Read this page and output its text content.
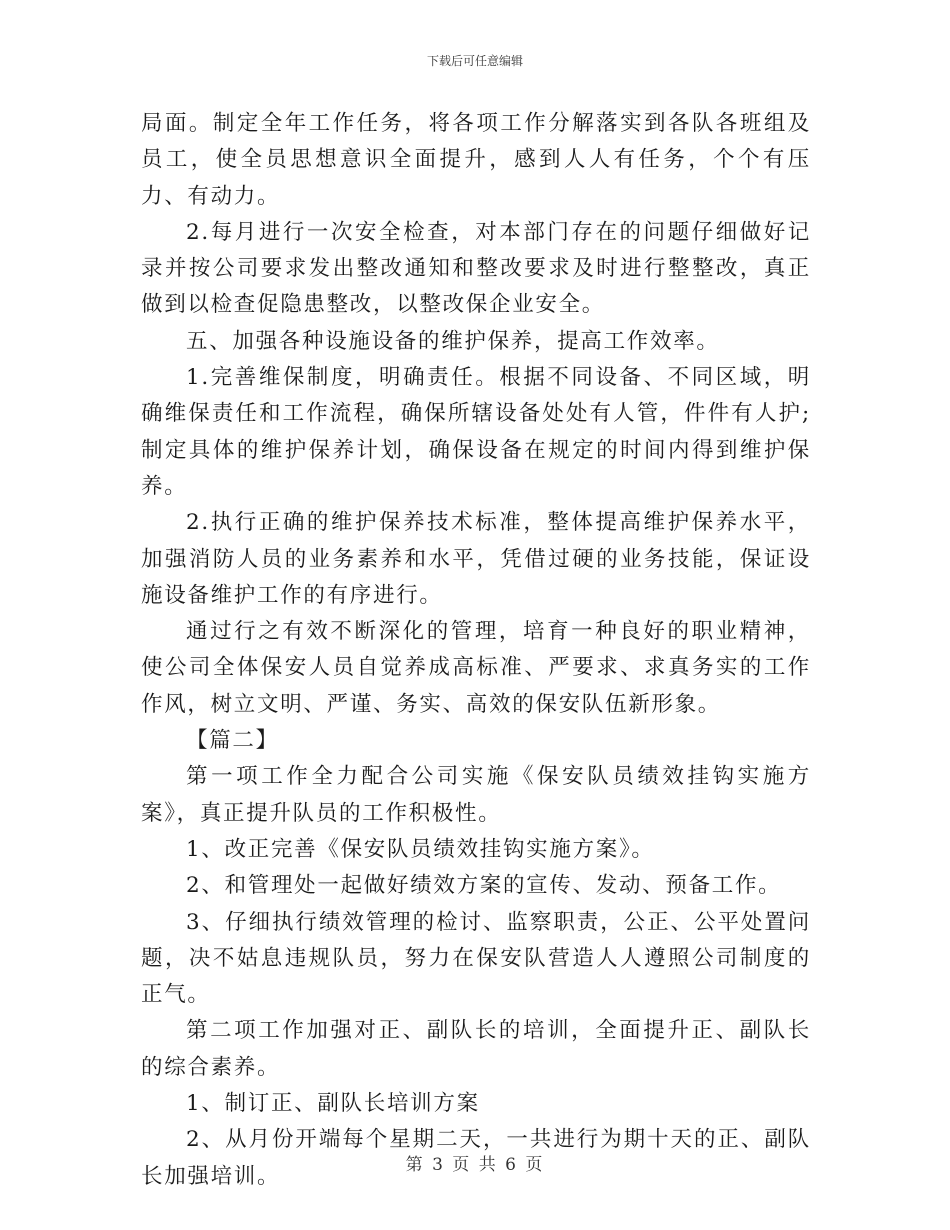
下载后可任意编辑

局面。制定全年工作任务，将各项工作分解落实到各队各班组及员工，使全员思想意识全面提升，感到人人有任务，个个有压力、有动力。

2.每月进行一次安全检查，对本部门存在的问题仔细做好记录并按公司要求发出整改通知和整改要求及时进行整整改，真正做到以检查促隐患整改，以整改保企业安全。

五、加强各种设施设备的维护保养，提高工作效率。

1.完善维保制度，明确责任。根据不同设备、不同区域，明确维保责任和工作流程，确保所辖设备处处有人管，件件有人护;制定具体的维护保养计划，确保设备在规定的时间内得到维护保养。

2.执行正确的维护保养技术标准，整体提高维护保养水平，加强消防人员的业务素养和水平，凭借过硬的业务技能，保证设施设备维护工作的有序进行。

通过行之有效不断深化的管理，培育一种良好的职业精神，使公司全体保安人员自觉养成高标准、严要求、求真务实的工作作风，树立文明、严谨、务实、高效的保安队伍新形象。

【篇二】

第一项工作全力配合公司实施《保安队员绩效挂钩实施方案》，真正提升队员的工作积极性。

1、改正完善《保安队员绩效挂钩实施方案》。

2、和管理处一起做好绩效方案的宣传、发动、预备工作。

3、仔细执行绩效管理的检讨、监察职责，公正、公平处置问题，决不姑息违规队员，努力在保安队营造人人遵照公司制度的正气。

第二项工作加强对正、副队长的培训，全面提升正、副队长的综合素养。

1、制订正、副队长培训方案

2、从月份开端每个星期二天，一共进行为期十天的正、副队长加强培训。	第 3 页 共 6 页
